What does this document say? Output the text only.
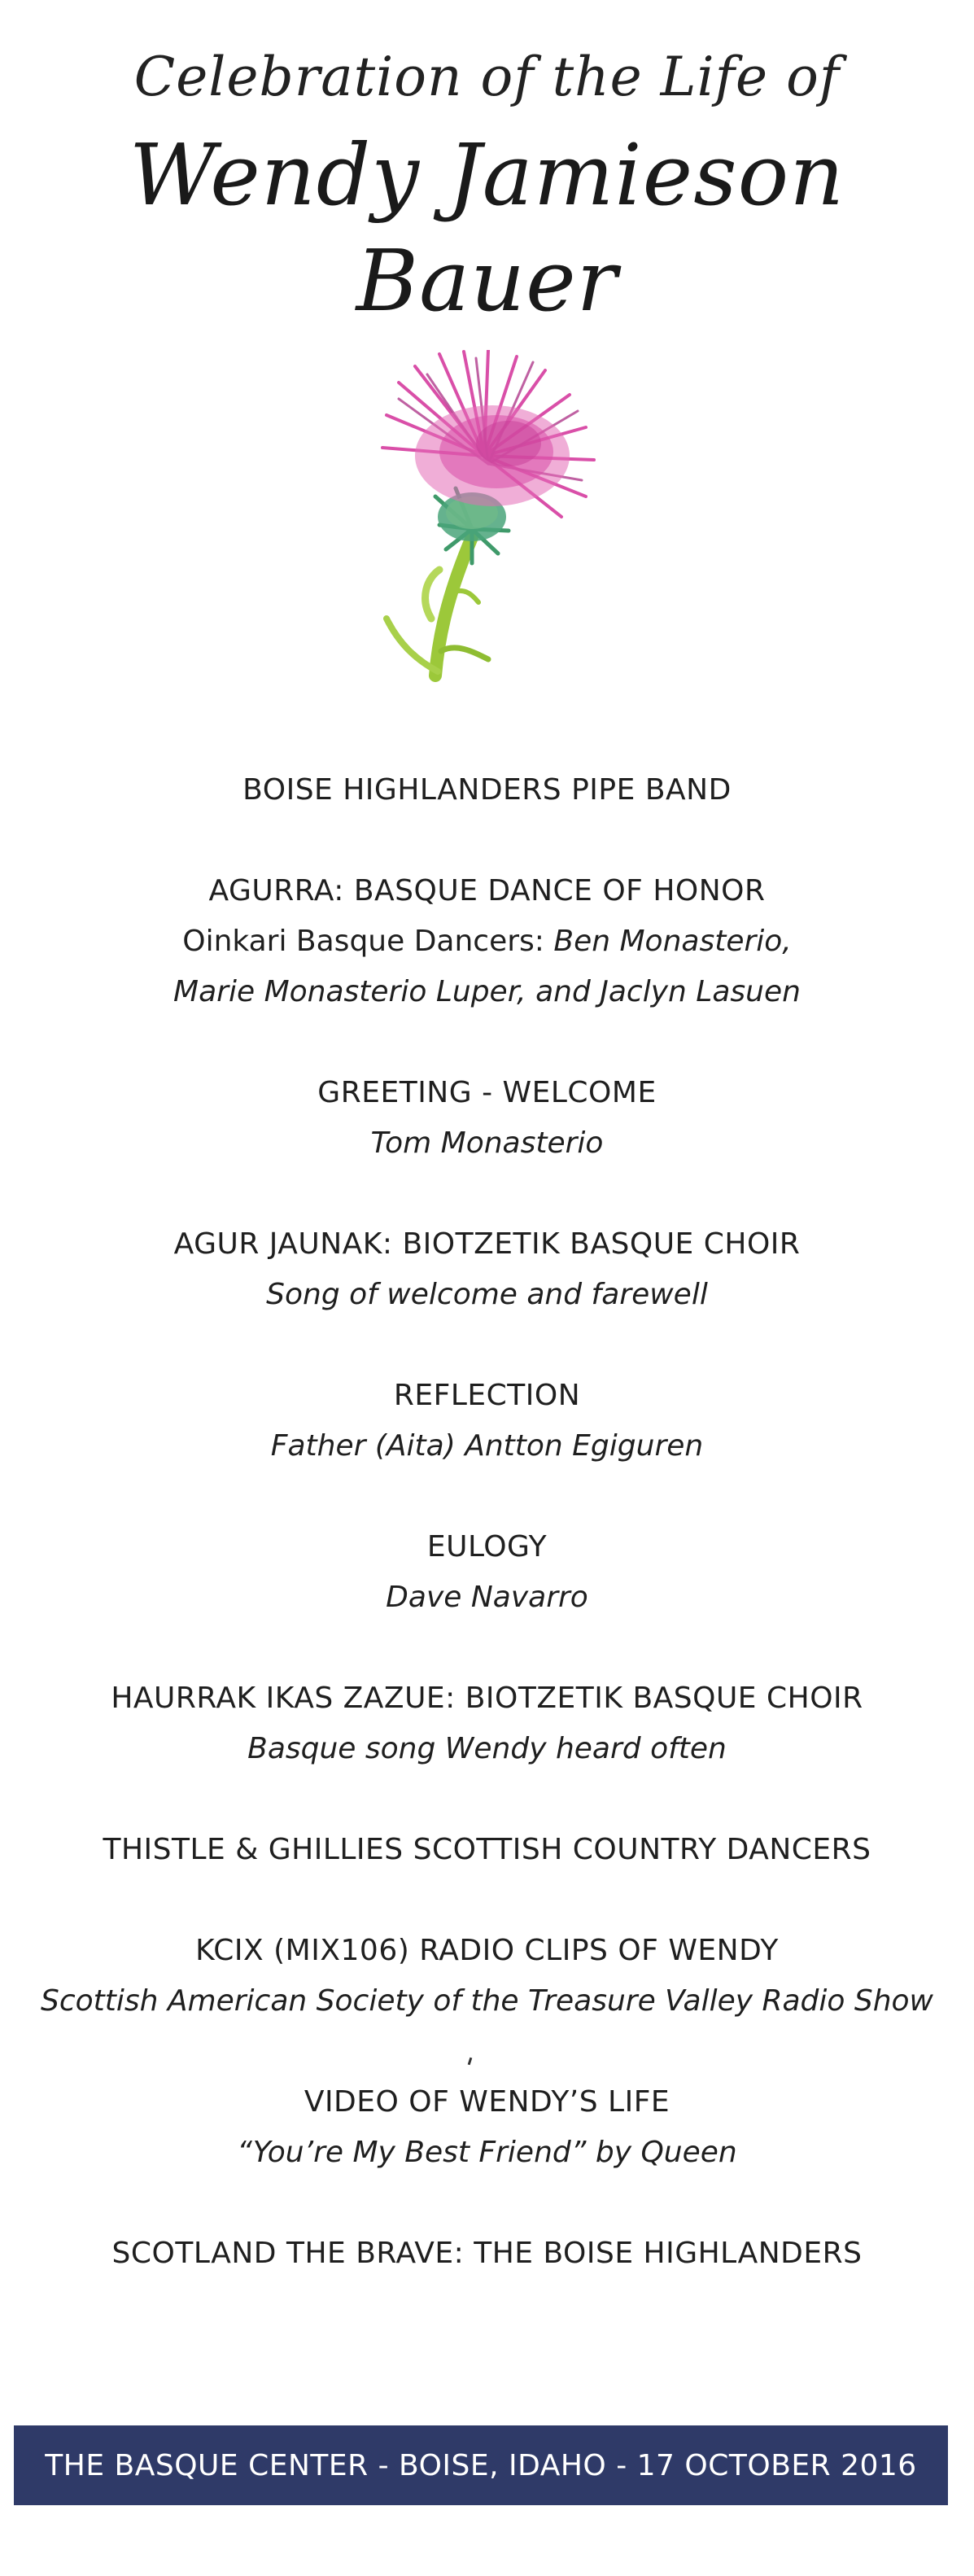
Celebration of the Life of
Wendy Jamieson Bauer
BOISE HIGHLANDERS PIPE BAND
AGURRA: BASQUE DANCE OF HONOR
Oinkari Basque Dancers: Ben Monasterio,
Marie Monasterio Luper, and Jaclyn Lasuen
GREETING - WELCOME
Tom Monasterio
AGUR JAUNAK: BIOTZETIK BASQUE CHOIR
Song of welcome and farewell
REFLECTION
Father (Aita) Antton Egiguren
EULOGY
Dave Navarro
HAURRAK IKAS ZAZUE: BIOTZETIK BASQUE CHOIR
Basque song Wendy heard often
THISTLE & GHILLIES SCOTTISH COUNTRY DANCERS
KCIX (MIX106) RADIO CLIPS OF WENDY
Scottish American Society of the Treasure Valley Radio Show
VIDEO OF WENDY’S LIFE
“You’re My Best Friend” by Queen
SCOTLAND THE BRAVE: THE BOISE HIGHLANDERS
THE BASQUE CENTER - BOISE, IDAHO - 17 OCTOBER 2016
